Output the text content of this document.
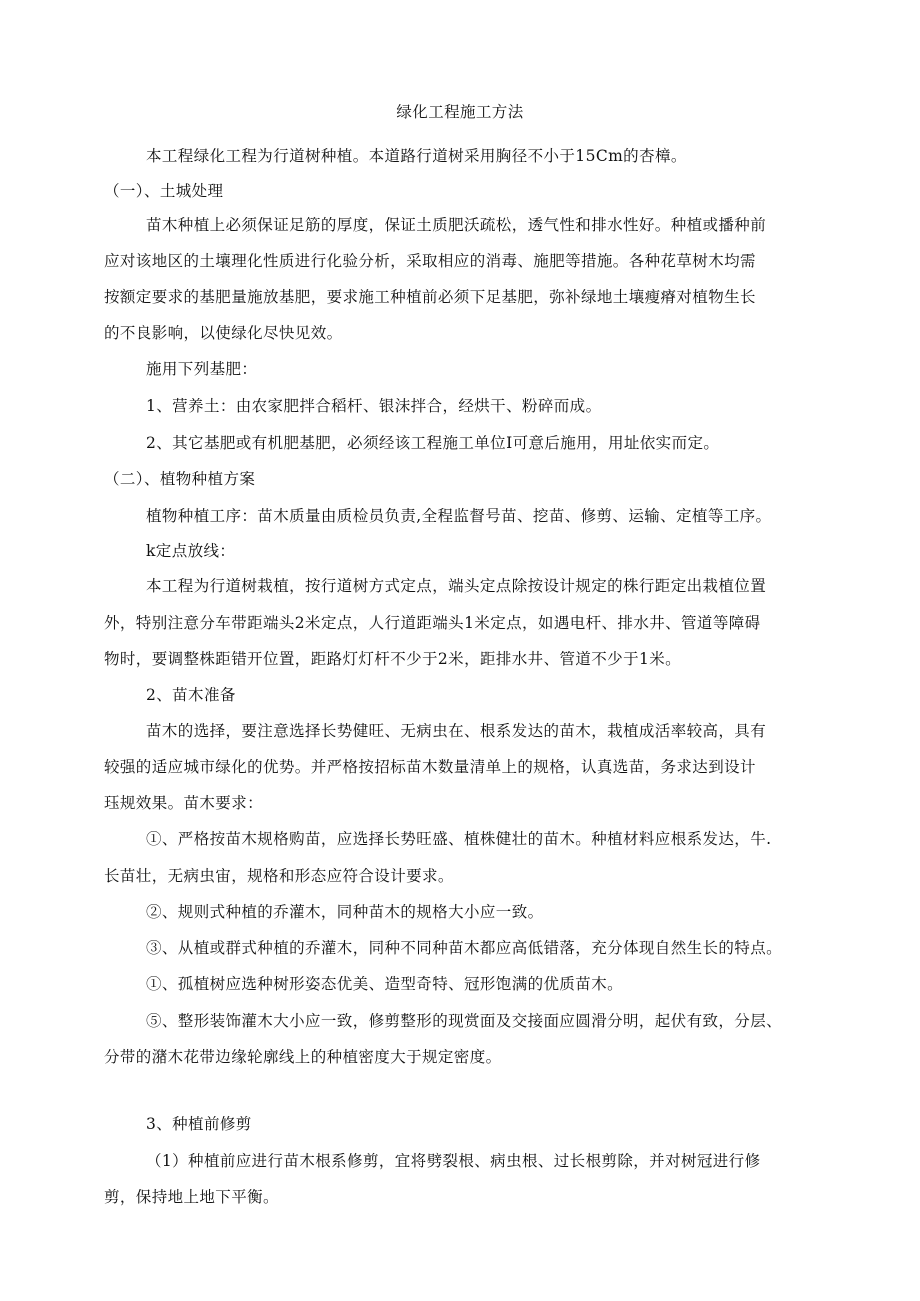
绿化工程施工方法
本工程绿化工程为行道树种植。本道路行道树采用胸径不小于15Cm的杏樟。
（一）、土城处理
苗木种植上必须保证足筋的厚度，保证土质肥沃疏松，透气性和排水性好。种植或播种前
应对该地区的土壤理化性质进行化验分析，采取相应的消毒、施肥等措施。各种花草树木均需
按额定要求的基肥量施放基肥，要求施工种植前必须下足基肥，弥补绿地土壤瘦瘠对植物生长
的不良影响，以使绿化尽快见效。
施用下列基肥：
1、营养土：由农家肥拌合稻杆、银沫拌合，经烘干、粉碎而成。
2、其它基肥或有机肥基肥，必须经该工程施工单位I可意后施用，用址依实而定。
（二）、植物种植方案
植物种植工序：苗木质量由质检员负责,全程监督号苗、挖苗、修剪、运输、定植等工序。
k定点放线：
本工程为行道树栽植，按行道树方式定点，端头定点除按设计规定的株行距定出栽植位置
外，特别注意分车带距端头2米定点，人行道距端头1米定点，如遇电杆、排水井、管道等障碍
物时，要调整株距错开位置，距路灯灯杆不少于2米，距排水井、管道不少于1米。
2、苗木准备
苗木的选择，要注意选择长势健旺、无病虫在、根系发达的苗木，栽植成活率较高，具有
较强的适应城市绿化的优势。并严格按招标苗木数量清单上的规格，认真选苗，务求达到设计
珏规效果。苗木要求：
①、严格按苗木规格购苗，应选择长势旺盛、植株健壮的苗木。种植材料应根系发达，牛.
长苗壮，无病虫宙，规格和形态应符合设计要求。
②、规则式种植的乔灌木，同种苗木的规格大小应一致。
③、从植或群式种植的乔灌木，同种不同种苗木都应高低错落，充分体现自然生长的特点。
①、孤植树应选种树形姿态优美、造型奇特、冠形饱满的优质苗木。
⑤、整形装饰灌木大小应一致，修剪整形的现赏面及交接面应圆滑分明，起伏有致，分层、
分带的潴木花带边缘轮廓线上的种植密度大于规定密度。
3、种植前修剪
（1）种植前应进行苗木根系修剪，宜将劈裂根、病虫根、过长根剪除，并对树冠进行修
剪，保持地上地下平衡。
